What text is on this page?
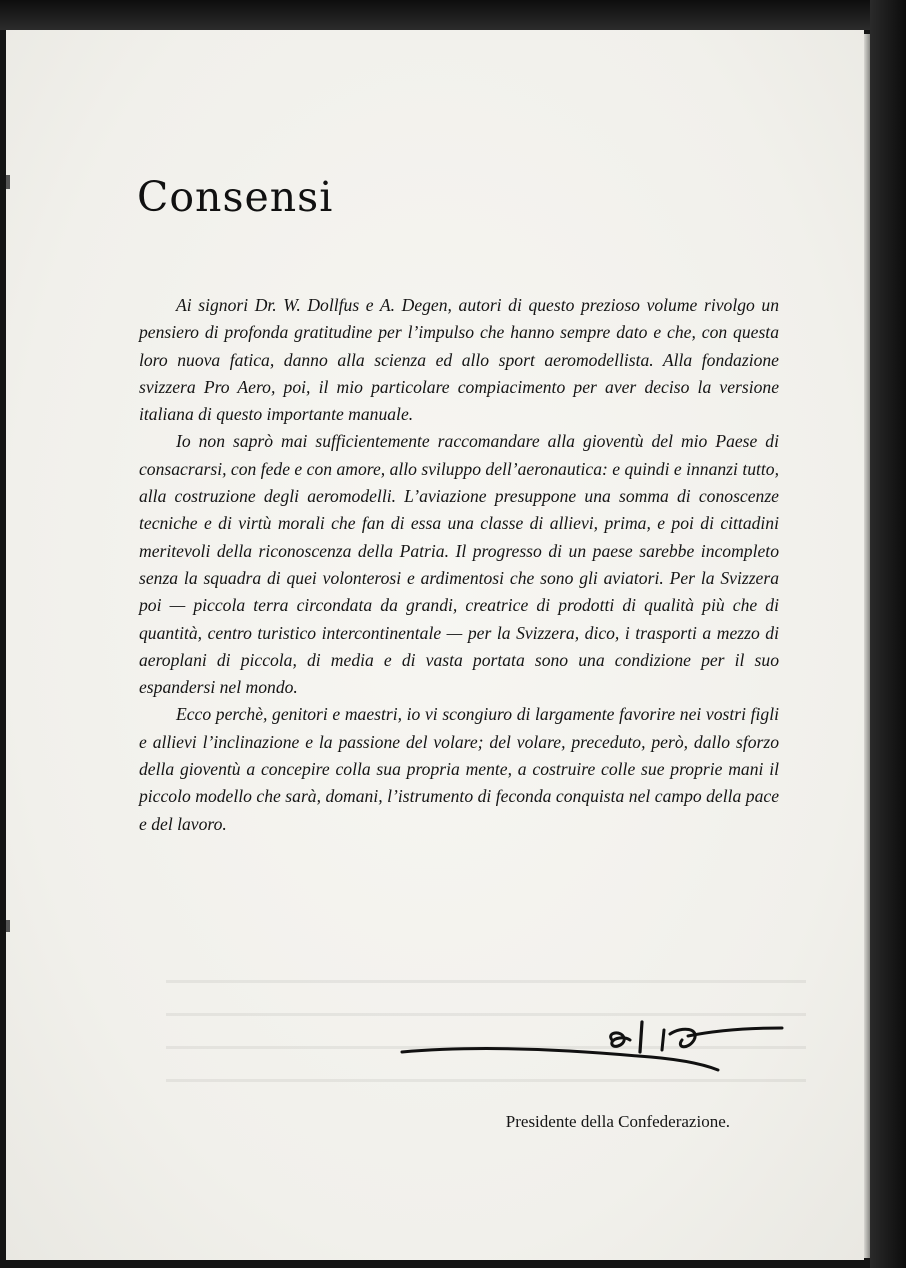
Consensi

Ai signori Dr. W. Dollfus e A. Degen, autori di questo prezioso volume rivolgo un pensiero di profonda gratitudine per l’impulso che hanno sempre dato e che, con questa loro nuova fatica, danno alla scienza ed allo sport aeromodellista. Alla fondazione svizzera Pro Aero, poi, il mio particolare compiacimento per aver deciso la versione italiana di questo importante manuale.

Io non saprò mai sufficientemente raccomandare alla gioventù del mio Paese di consacrarsi, con fede e con amore, allo sviluppo dell’aeronautica: e quindi e innanzi tutto, alla costruzione degli aeromodelli. L’aviazione presuppone una somma di conoscenze tecniche e di virtù morali che fan di essa una classe di allievi, prima, e poi di cittadini meritevoli della riconoscenza della Patria. Il progresso di un paese sarebbe incompleto senza la squadra di quei volonterosi e ardimentosi che sono gli aviatori. Per la Svizzera poi — piccola terra circondata da grandi, creatrice di prodotti di qualità più che di quantità, centro turistico intercontinentale — per la Svizzera, dico, i trasporti a mezzo di aeroplani di piccola, di media e di vasta portata sono una condizione per il suo espandersi nel mondo.

Ecco perchè, genitori e maestri, io vi scongiuro di largamente favorire nei vostri figli e allievi l’inclinazione e la passione del volare; del volare, preceduto, però, dallo sforzo della gioventù a concepire colla sua propria mente, a costruire colle sue proprie mani il piccolo modello che sarà, domani, l’istrumento di feconda conquista nel campo della pace e del lavoro.

Presidente della Confederazione.
